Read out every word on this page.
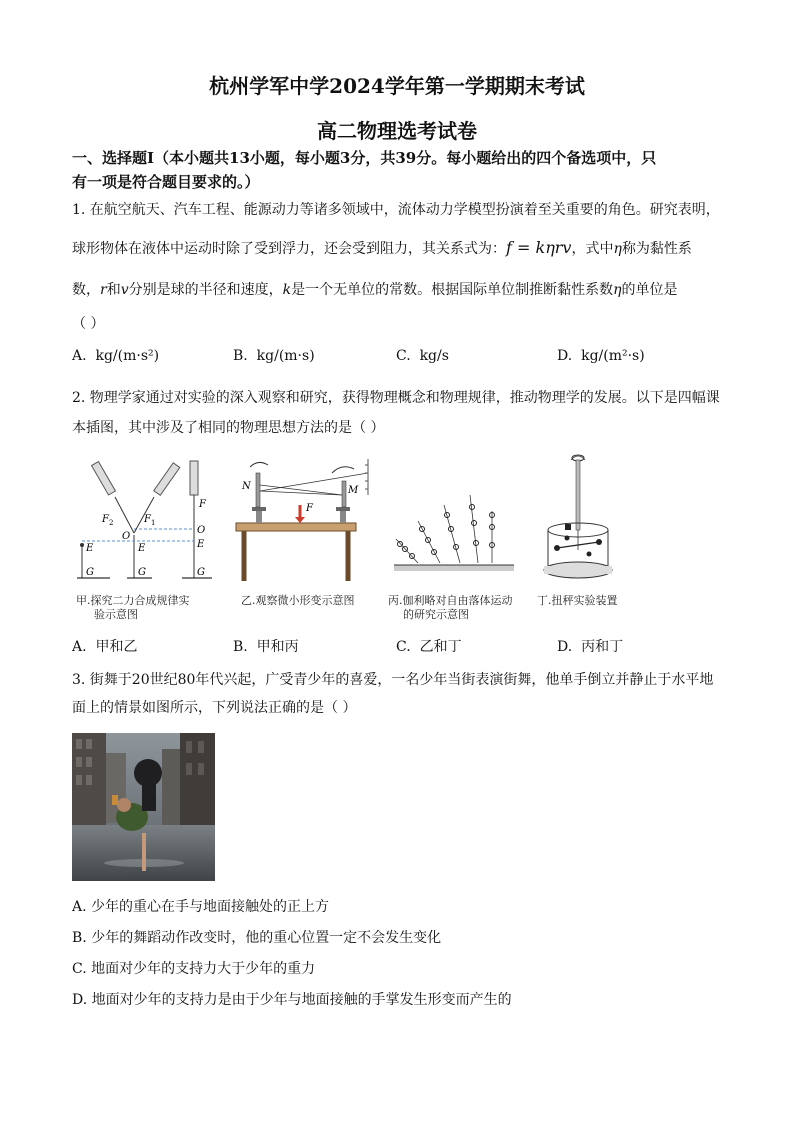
杭州学军中学2024学年第一学期期末考试
高二物理选考试卷
一、选择题Ⅰ（本小题共13小题，每小题3分，共39分。每小题给出的四个备选项中，只
有一项是符合题目要求的。）
1. 在航空航天、汽车工程、能源动力等诸多领域中，流体动力学模型扮演着至关重要的角色。研究表明，
球形物体在液体中运动时除了受到浮力，还会受到阻力，其关系式为：f = kηrv，式中η称为黏性系
数，r和v分别是球的半径和速度，k是一个无单位的常数。根据国际单位制推断黏性系数η的单位是
（ ）
A. kg/(m·s²)	B. kg/(m·s)	C. kg/s	D. kg/(m²·s)
2. 物理学家通过对实验的深入观察和研究，获得物理概念和物理规律，推动物理学的发展。以下是四幅课
本插图，其中涉及了相同的物理思想方法的是（ ）
F 2	F 1
F
O
O
E	E	E
G	G	G
甲.探究二力合成规律实
验示意图
F
N	M
乙.观察微小形变示意图	丙.伽利略对自由落体运动
的研究示意图
丁.扭秤实验装置
A. 甲和乙	B. 甲和丙	C. 乙和丁	D. 丙和丁
3. 街舞于20世纪80年代兴起，广受青少年的喜爱，一名少年当街表演街舞，他单手倒立并静止于水平地
面上的情景如图所示，下列说法正确的是（ ）
A. 少年的重心在手与地面接触处的正上方
B. 少年的舞蹈动作改变时，他的重心位置一定不会发生变化
C. 地面对少年的支持力大于少年的重力
D. 地面对少年的支持力是由于少年与地面接触的手掌发生形变而产生的
